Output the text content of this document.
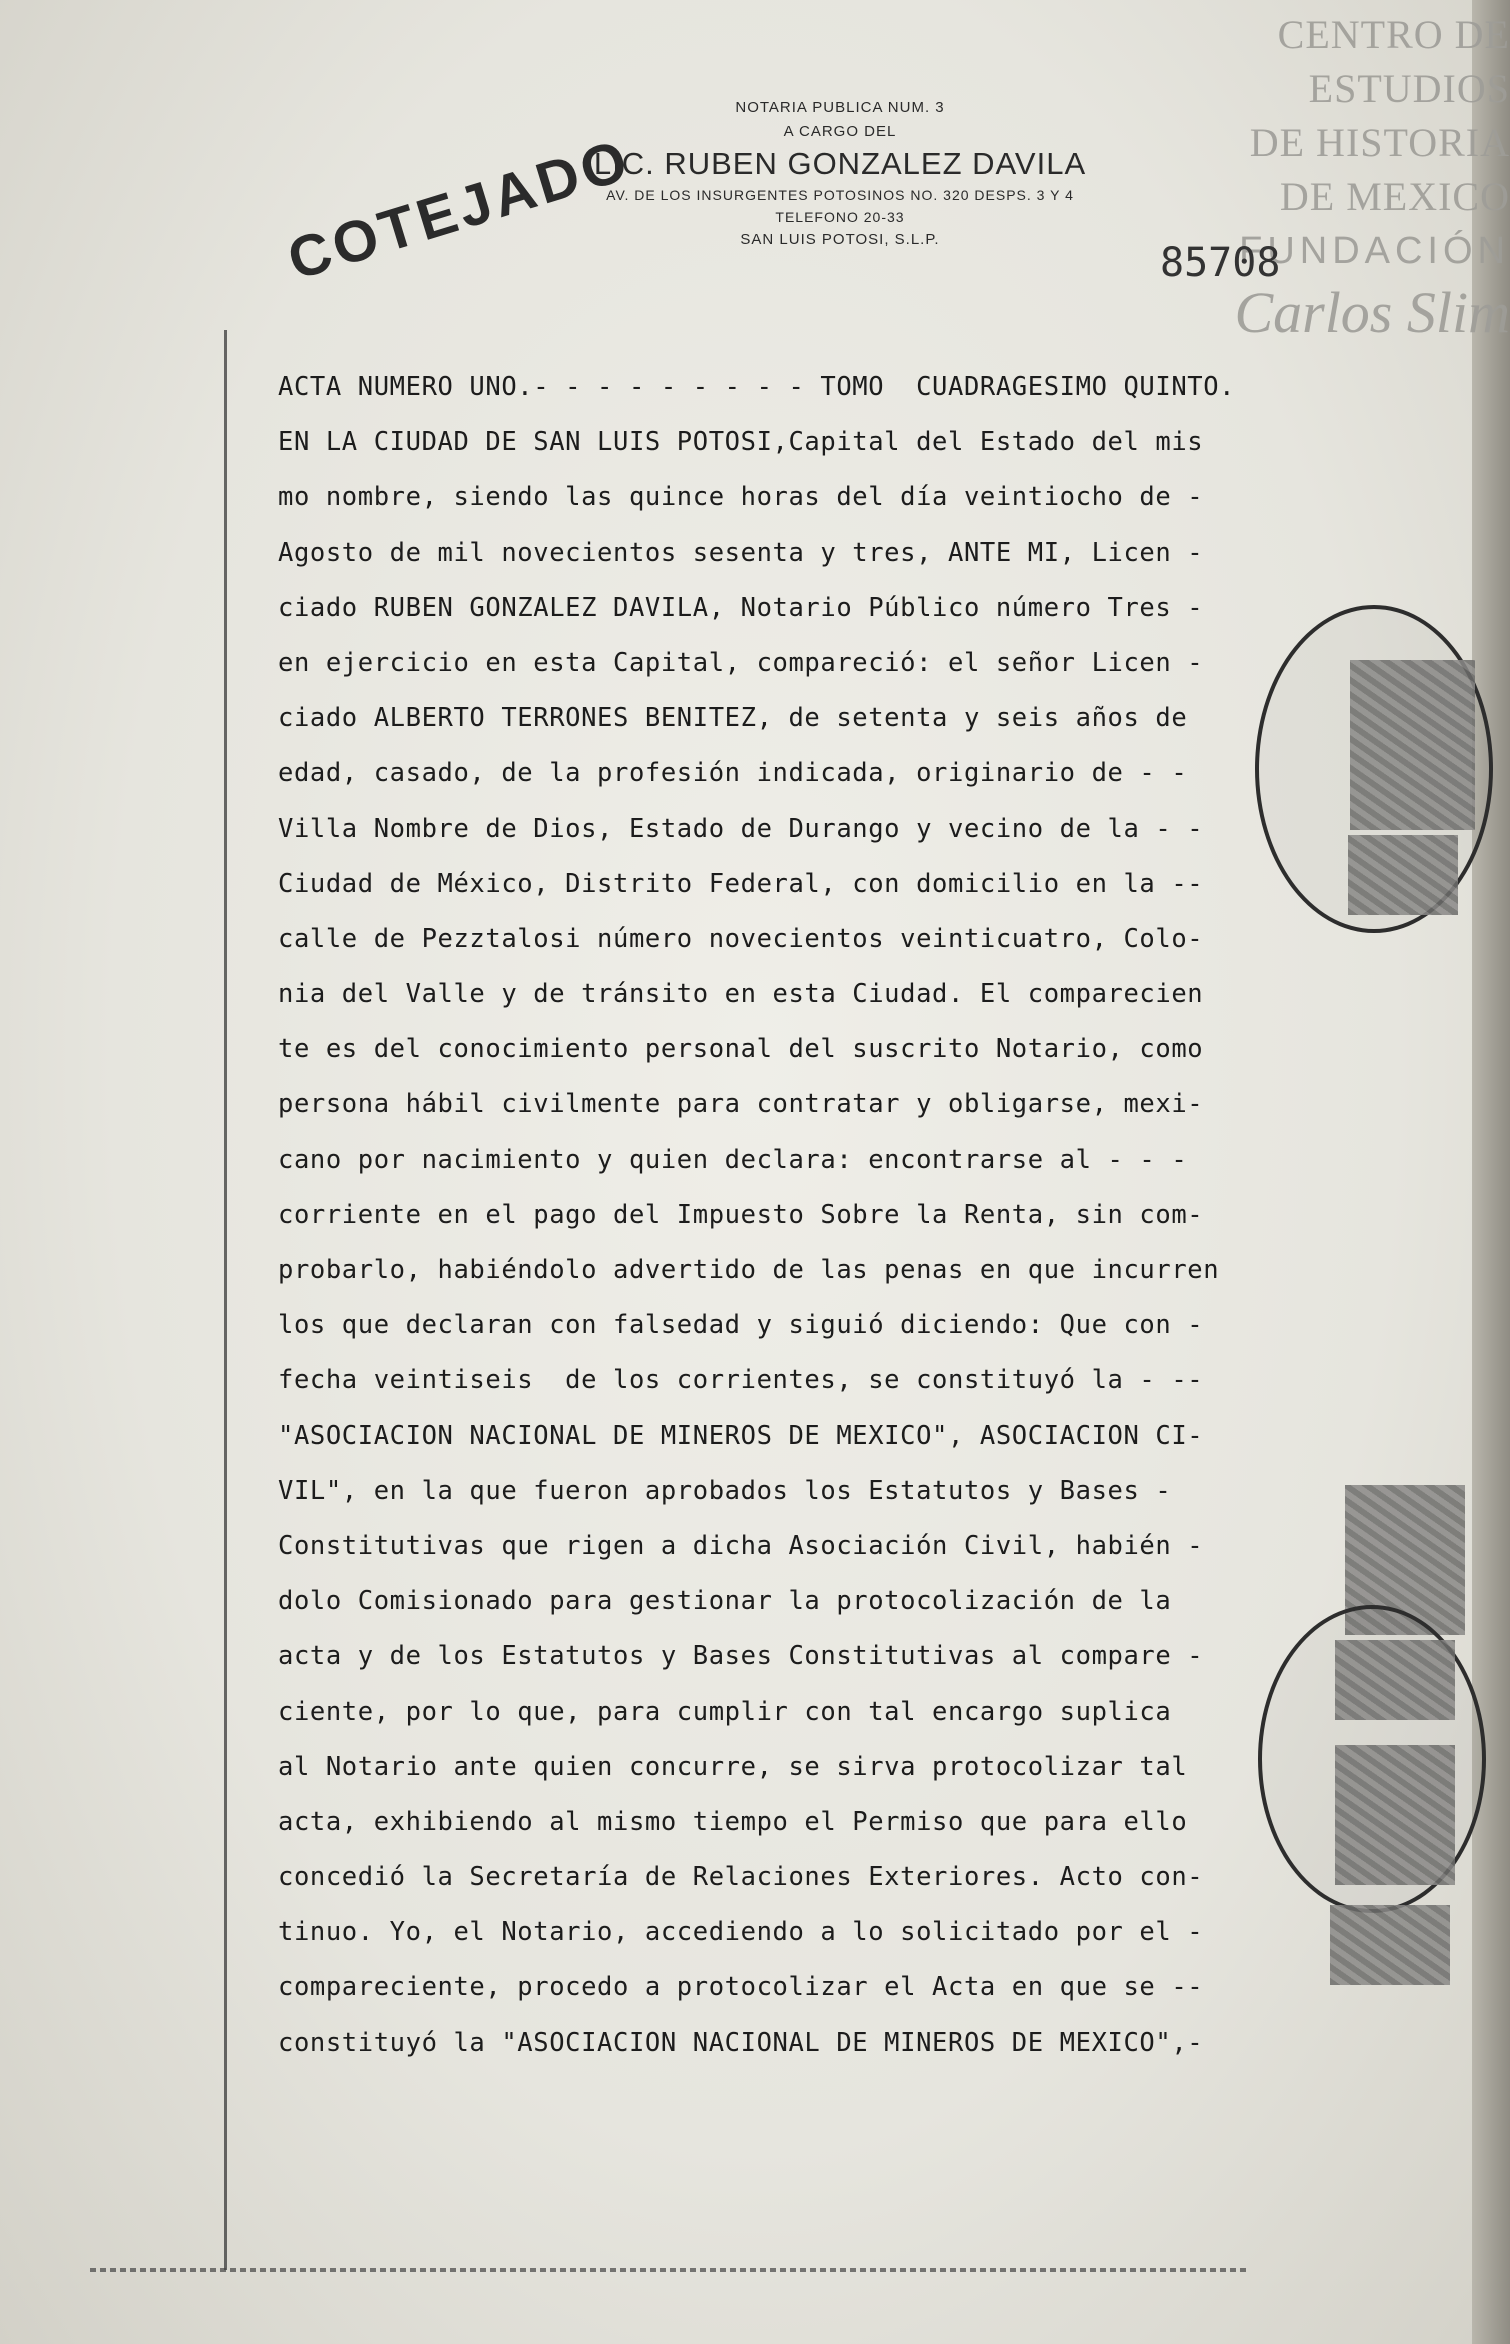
CENTRO DE
ESTUDIOS
DE HISTORIA
DE MEXICO
FUNDACIÓN
Carlos Slim
NOTARIA PUBLICA NUM. 3
A CARGO DEL
LIC. RUBEN GONZALEZ DAVILA
AV. DE LOS INSURGENTES POTOSINOS NO. 320 DESPS. 3 Y 4
TELEFONO 20-33
SAN LUIS POTOSI, S.L.P.
COTEJADO	85708
ACTA NUMERO UNO.- - - - - - - - - TOMO  CUADRAGESIMO QUINTO.
EN LA CIUDAD DE SAN LUIS POTOSI,Capital del Estado del mis
mo nombre, siendo las quince horas del día veintiocho de -
Agosto de mil novecientos sesenta y tres, ANTE MI, Licen -
ciado RUBEN GONZALEZ DAVILA, Notario Público número Tres -
en ejercicio en esta Capital, compareció: el señor Licen -
ciado ALBERTO TERRONES BENITEZ, de setenta y seis años de
edad, casado, de la profesión indicada, originario de - -
Villa Nombre de Dios, Estado de Durango y vecino de la - -
Ciudad de México, Distrito Federal, con domicilio en la --
calle de Pezztalosi número novecientos veinticuatro, Colo-
nia del Valle y de tránsito en esta Ciudad. El comparecien
te es del conocimiento personal del suscrito Notario, como
persona hábil civilmente para contratar y obligarse, mexi-
cano por nacimiento y quien declara: encontrarse al - - -
corriente en el pago del Impuesto Sobre la Renta, sin com-
probarlo, habiéndolo advertido de las penas en que incurren
los que declaran con falsedad y siguió diciendo: Que con -
fecha veintiseis  de los corrientes, se constituyó la - --
"ASOCIACION NACIONAL DE MINEROS DE MEXICO", ASOCIACION CI-
VIL", en la que fueron aprobados los Estatutos y Bases -
Constitutivas que rigen a dicha Asociación Civil, habién -
dolo Comisionado para gestionar la protocolización de la
acta y de los Estatutos y Bases Constitutivas al compare -
ciente, por lo que, para cumplir con tal encargo suplica
al Notario ante quien concurre, se sirva protocolizar tal
acta, exhibiendo al mismo tiempo el Permiso que para ello
concedió la Secretaría de Relaciones Exteriores. Acto con-
tinuo. Yo, el Notario, accediendo a lo solicitado por el -
compareciente, procedo a protocolizar el Acta en que se --
constituyó la "ASOCIACION NACIONAL DE MINEROS DE MEXICO",-
